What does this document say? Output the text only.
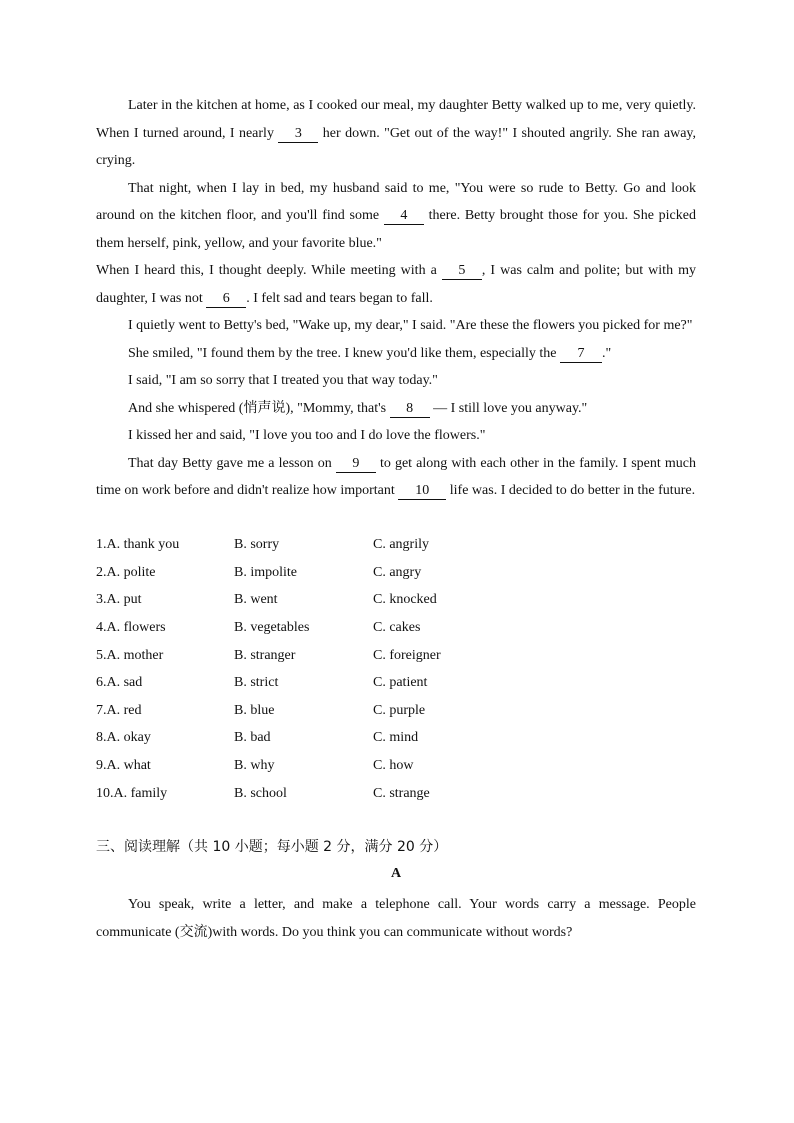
Later in the kitchen at home, as I cooked our meal, my daughter Betty walked up to me, very quietly. When I turned around, I nearly 3 her down. "Get out of the way!" I shouted angrily. She ran away, crying.

That night, when I lay in bed, my husband said to me, "You were so rude to Betty. Go and look around on the kitchen floor, and you'll find some 4 there. Betty brought those for you. She picked them herself, pink, yellow, and your favorite blue."

When I heard this, I thought deeply. While meeting with a 5 , I was calm and polite; but with my daughter, I was not 6 . I felt sad and tears began to fall.

I quietly went to Betty's bed, "Wake up, my dear," I said. "Are these the flowers you picked for me?"

She smiled, "I found them by the tree. I knew you'd like them, especially the 7 ."

I said, "I am so sorry that I treated you that way today."

And she whispered (悄声说), "Mommy, that's 8 — I still love you anyway."

I kissed her and said, "I love you too and I do love the flowers."

That day Betty gave me a lesson on 9 to get along with each other in the family. I spent much time on work before and didn't realize how important 10 life was. I decided to do better in the future.

1.A. thank you	B. sorry	C. angrily
2.A. polite	B. impolite	C. angry
3.A. put	B. went	C. knocked
4.A. flowers	B. vegetables	C. cakes
5.A. mother	B. stranger	C. foreigner
6.A. sad	B. strict	C. patient
7.A. red	B. blue	C. purple
8.A. okay	B. bad	C. mind
9.A. what	B. why	C. how
10.A. family	B. school	C. strange
三、阅读理解（共 10 小题；每小题 2 分，满分 20 分）
A

You speak, write a letter, and make a telephone call. Your words carry a message. People communicate (交流)with words. Do you think you can communicate without words?
